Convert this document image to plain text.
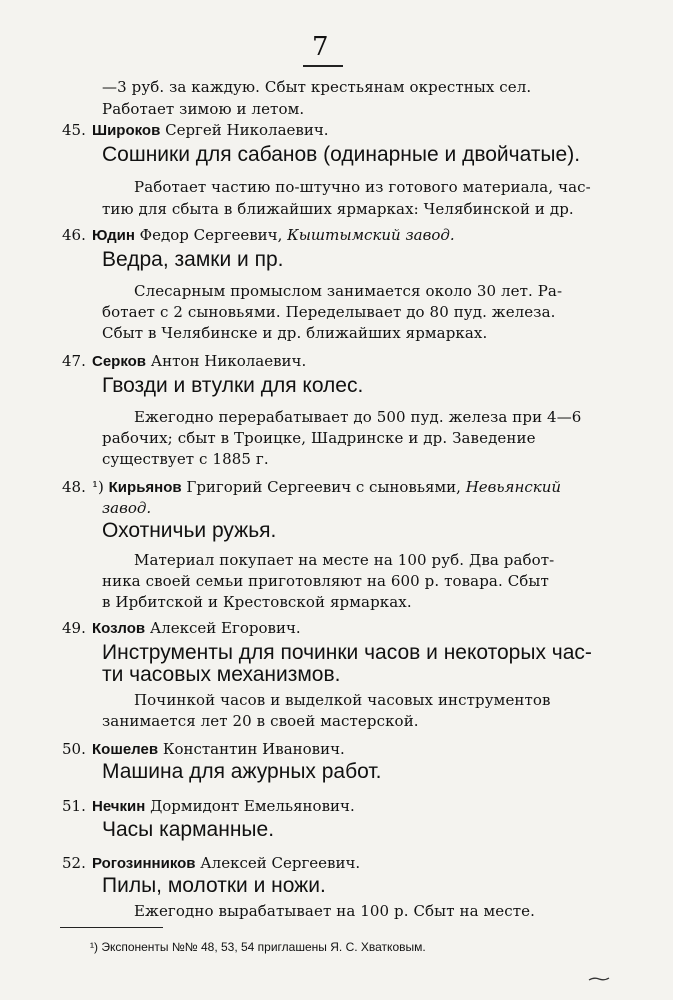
7
—3 руб. за каждую. Сбыт крестьянам окрестных сел.
Работает зимою и летом.
45. Широков Сергей Николаевич.
Сошники для сабанов (одинарные и двойчатые).
Работает частию по-штучно из готового материала, час-
тию для сбыта в ближайших ярмарках: Челябинской и др.
46. Юдин Федор Сергеевич, Кыштымский завод.
Ведра, замки и пр.
Слесарным промыслом занимается около 30 лет. Ра-
ботает с 2 сыновьями. Переделывает до 80 пуд. железа.
Сбыт в Челябинске и др. ближайших ярмарках.
47. Серков Антон Николаевич.
Гвозди и втулки для колес.
Ежегодно перерабатывает до 500 пуд. железа при 4—6
рабочих; сбыт в Троицке, Шадринске и др. Заведение
существует с 1885 г.
48. ¹) Кирьянов Григорий Сергеевич с сыновьями, Невьянский
завод.
Охотничьи ружья.
Материал покупает на месте на 100 руб. Два работ-
ника своей семьи приготовляют на 600 р. товара. Сбыт
в Ирбитской и Крестовской ярмарках.
49. Козлов Алексей Егорович.
Инструменты для починки часов и некоторых час-
ти часовых механизмов.
Починкой часов и выделкой часовых инструментов
занимается лет 20 в своей мастерской.
50. Кошелев Константин Иванович.
Машина для ажурных работ.
51. Нечкин Дормидонт Емельянович.
Часы карманные.
52. Рогозинников Алексей Сергеевич.
Пилы, молотки и ножи.
Ежегодно вырабатывает на 100 р. Сбыт на месте.
¹) Экспоненты №№ 48, 53, 54 приглашены Я. С. Хватковым.
